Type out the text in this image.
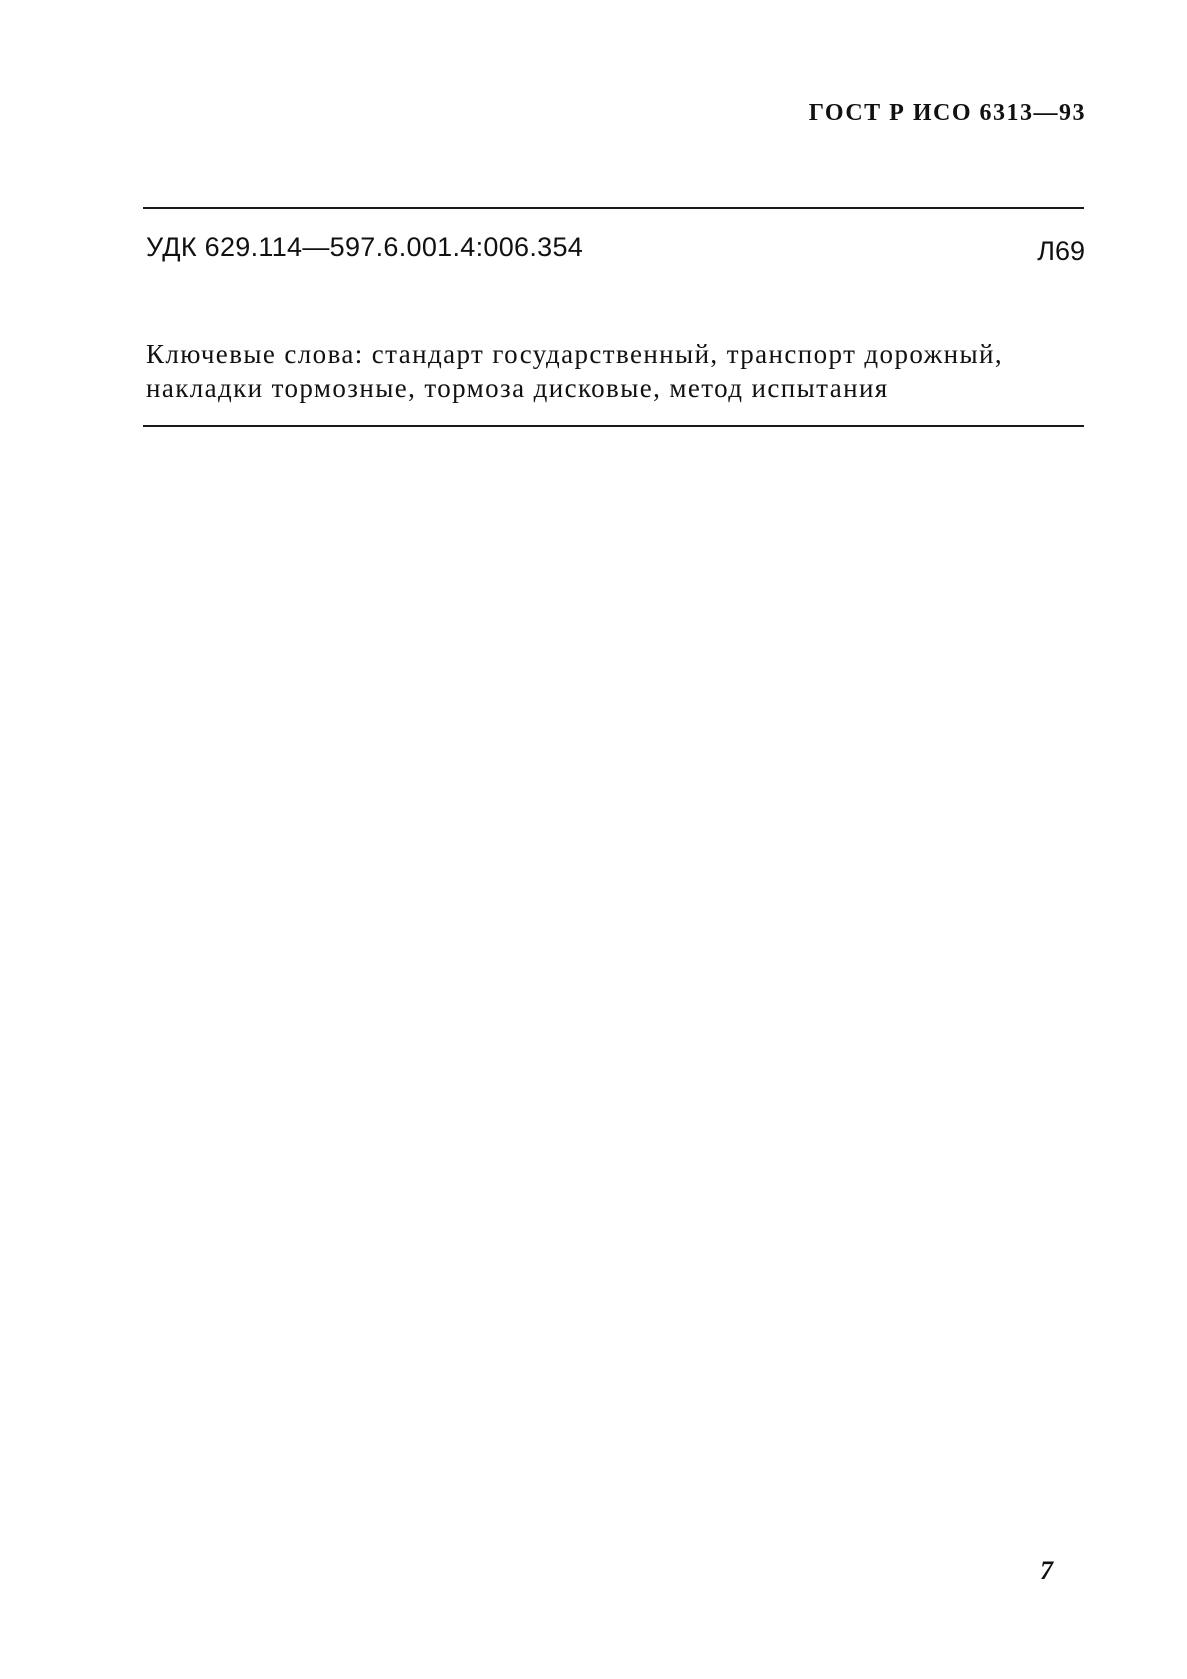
ГОСТ Р ИСО 6313—93
УДК 629.114—597.6.001.4:006.354	Л69

Ключевые слова: стандарт государственный, транспорт дорожный,
накладки тормозные, тормоза дисковые, метод испытания

7
